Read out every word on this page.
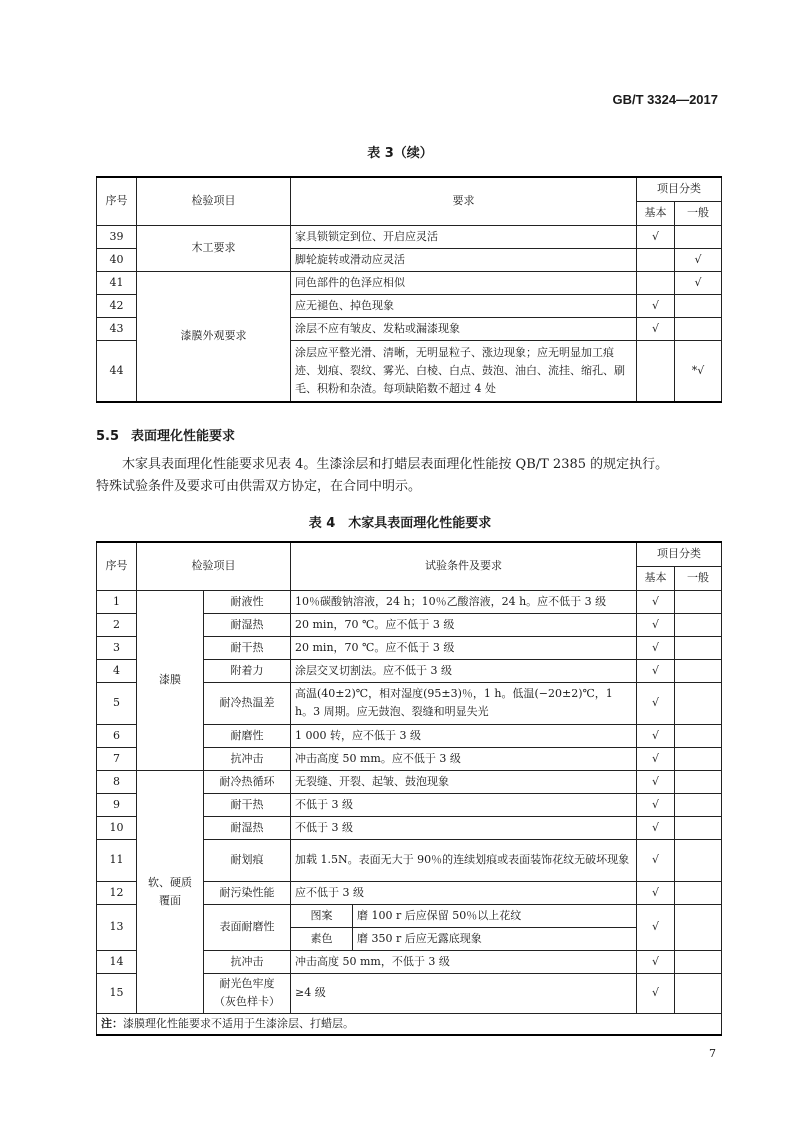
GB/T 3324—2017
表 3（续）
序号	检验项目	要求	项目分类	
			基本	一般
39	木工要求	家具锁锁定到位、开启应灵活	√	
40		脚轮旋转或滑动应灵活		√
41	漆膜外观要求	同色部件的色泽应相似		√
42		应无褪色、掉色现象	√	
43		涂层不应有皱皮、发粘或漏漆现象	√	
44		涂层应平整光滑、清晰，无明显粒子、涨边现象；应无明显加工痕迹、划痕、裂纹、雾光、白棱、白点、鼓泡、油白、流挂、缩孔、刷毛、积粉和杂渣。每项缺陷数不超过 4 处		*√
5.5 表面理化性能要求
木家具表面理化性能要求见表 4。生漆涂层和打蜡层表面理化性能按 QB/T 2385 的规定执行。
特殊试验条件及要求可由供需双方协定，在合同中明示。
表 4　木家具表面理化性能要求
序号	检验项目		试验条件及要求		项目分类	
					基本	一般
1	漆膜	耐液性	10％碳酸钠溶液，24 h；10％乙酸溶液，24 h。应不低于 3 级		√	
2		耐湿热	20 min，70 ℃。应不低于 3 级		√	
3		耐干热	20 min，70 ℃。应不低于 3 级		√	
4		附着力	涂层交叉切割法。应不低于 3 级		√	
5		耐冷热温差	高温(40±2)℃，相对湿度(95±3)％，1 h。低温(−20±2)℃，1 h。3 周期。应无鼓泡、裂缝和明显失光		√	
6		耐磨性	1 000 转，应不低于 3 级		√	
7		抗冲击	冲击高度 50 mm。应不低于 3 级		√	
8	软、硬质
覆面	耐冷热循环	无裂缝、开裂、起皱、鼓泡现象		√	
9		耐干热	不低于 3 级		√	
10		耐湿热	不低于 3 级		√	
11		耐划痕	加载 1.5N。表面无大于 90％的连续划痕或表面装饰花纹无破坏现象		√	
12		耐污染性能	应不低于 3 级		√	
13		表面耐磨性	图案	磨 100 r 后应保留 50％以上花纹	√	
			素色	磨 350 r 后应无露底现象		
14		抗冲击	冲击高度 50 mm，不低于 3 级		√	
15		耐光色牢度
（灰色样卡）	≥4 级		√	
注：漆膜理化性能要求不适用于生漆涂层、打蜡层。						
7
